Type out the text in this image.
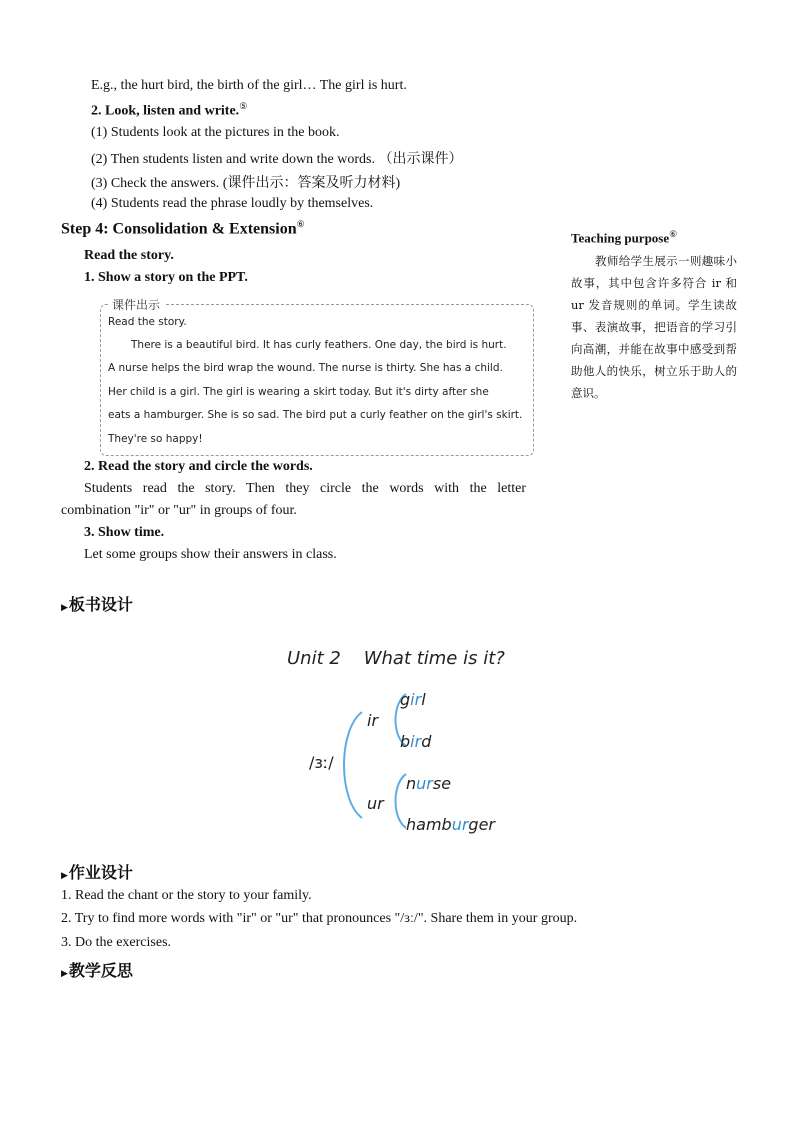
E.g., the hurt bird, the birth of the girl… The girl is hurt.
2. Look, listen and write.⑤
(1) Students look at the pictures in the book.
(2) Then students listen and write down the words. （出示课件）
(3) Check the answers. (课件出示：答案及听力材料)
(4) Students read the phrase loudly by themselves.
Step 4: Consolidation & Extension⑥
Read the story.
1. Show a story on the PPT.
课件出示
Read the story.
There is a beautiful bird. It has curly feathers. One day, the bird is hurt.
A nurse helps the bird wrap the wound. The nurse is thirty. She has a child.
Her child is a girl. The girl is wearing a skirt today. But it's dirty after she
eats a hamburger. She is so sad. The bird put a curly feather on the girl's skirt.
They're so happy!
2. Read the story and circle the words.
Students read the story. Then they circle the words with the letter
combination "ir" or "ur" in groups of four.
3. Show time.
Let some groups show their answers in class.
Teaching purpose⑥
教师给学生展示一则趣味小故事，其中包含许多符合 ir 和 ur 发音规则的单词。学生读故事、表演故事，把语音的学习引向高潮，并能在故事中感受到帮助他人的快乐，树立乐于助人的意识。
▶板书设计
Unit 2    What time is it?
/ɜː/
ir
ur
girl
bird
nurse
hamburger
▶作业设计
1. Read the chant or the story to your family.
2. Try to find more words with "ir" or "ur" that pronounces "/ɜː/". Share them in your group.
3. Do the exercises.
▶教学反思
